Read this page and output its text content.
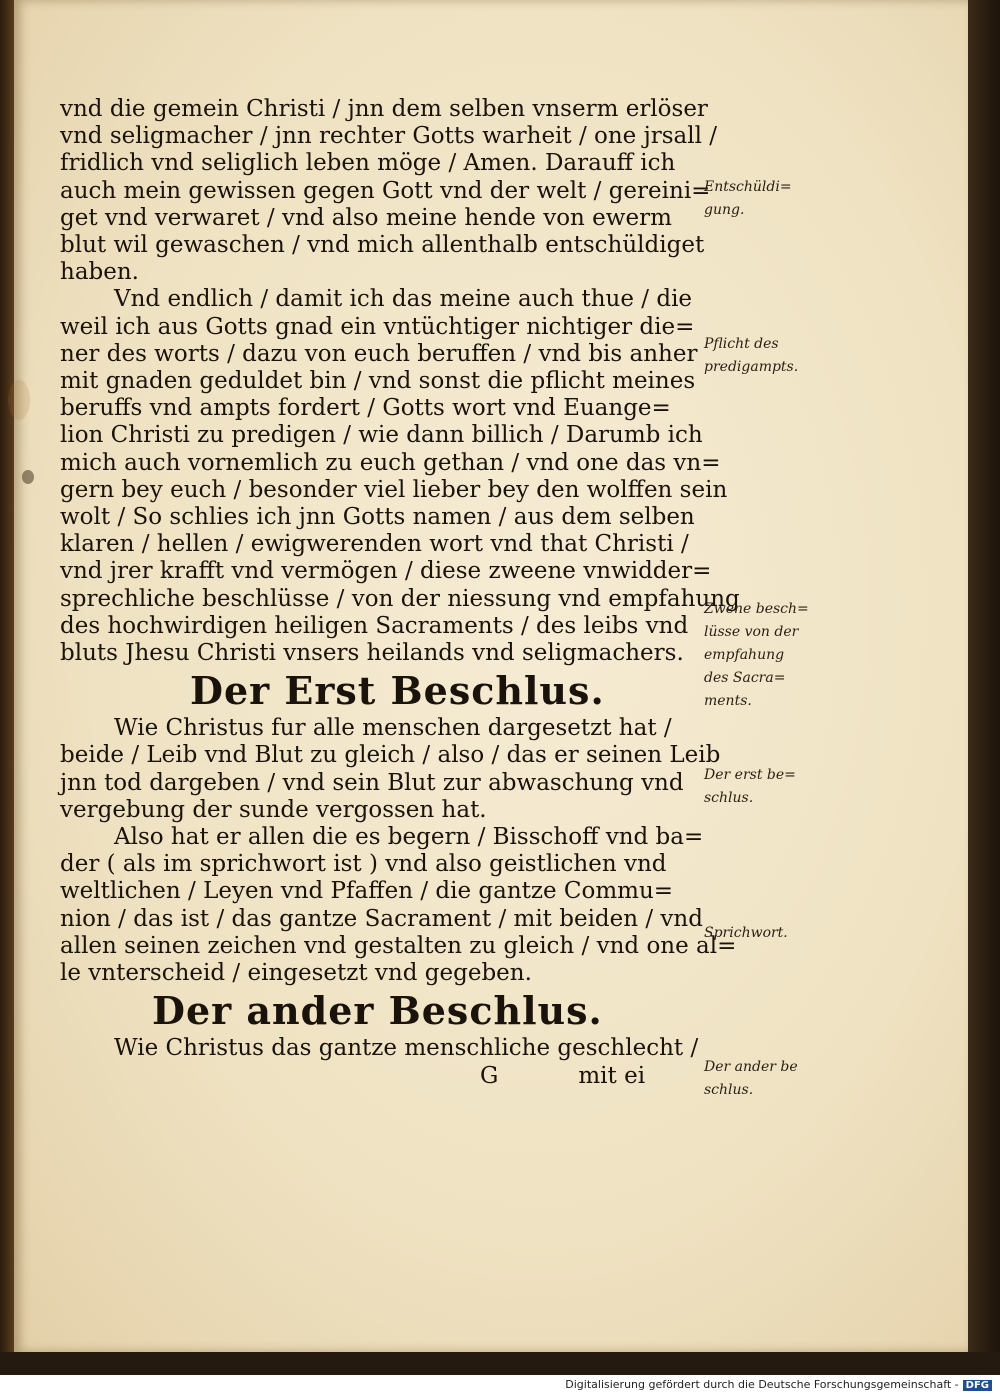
vnd die gemein Christi / jnn dem selben vnserm erlöser
vnd seligmacher / jnn rechter Gotts warheit / one jrsall /
fridlich vnd seliglich leben möge / Amen. Darauff ich
auch mein gewissen gegen Gott vnd der welt / gereini=
get vnd verwaret / vnd also meine hende von ewerm
blut wil gewaschen / vnd mich allenthalb entschüldiget
haben.

Vnd endlich / damit ich das meine auch thue / die
weil ich aus Gotts gnad ein vntüchtiger nichtiger die=
ner des worts / dazu von euch beruffen / vnd bis anher
mit gnaden geduldet bin / vnd sonst die pflicht meines
beruffs vnd ampts fordert / Gotts wort vnd Euange=
lion Christi zu predigen / wie dann billich / Darumb ich
mich auch vornemlich zu euch gethan / vnd one das vn=
gern bey euch / besonder viel lieber bey den wolffen sein
wolt / So schlies ich jnn Gotts namen / aus dem selben
klaren / hellen / ewigwerenden wort vnd that Christi /
vnd jrer krafft vnd vermögen / diese zweene vnwidder=
sprechliche beschlüsse / von der niessung vnd empfahung
des hochwirdigen heiligen Sacraments / des leibs vnd
bluts Jhesu Christi vnsers heilands vnd seligmachers.

Der Erst Beschlus.

Wie Christus fur alle menschen dargesetzt hat /
beide / Leib vnd Blut zu gleich / also / das er seinen Leib
jnn tod dargeben / vnd sein Blut zur abwaschung vnd
vergebung der sunde vergossen hat.

Also hat er allen die es begern / Bisschoff vnd ba=
der ( als im sprichwort ist ) vnd also geistlichen vnd
weltlichen / Leyen vnd Pfaffen / die gantze Commu=
nion / das ist / das gantze Sacrament / mit beiden / vnd
allen seinen zeichen vnd gestalten zu gleich / vnd one al=
le vnterscheid / eingesetzt vnd gegeben.

Der ander Beschlus.

Wie Christus das gantze menschliche geschlecht /

G	mit ei
Entschüldi=
gung.
Pflicht des
predigampts.
Zwene besch=
lüsse von der
empfahung
des Sacra=
ments.
Der erst be=
schlus.
Sprichwort.
Der ander be
schlus.
Digitalisierung gefördert durch die Deutsche Forschungsgemeinschaft - DFG
